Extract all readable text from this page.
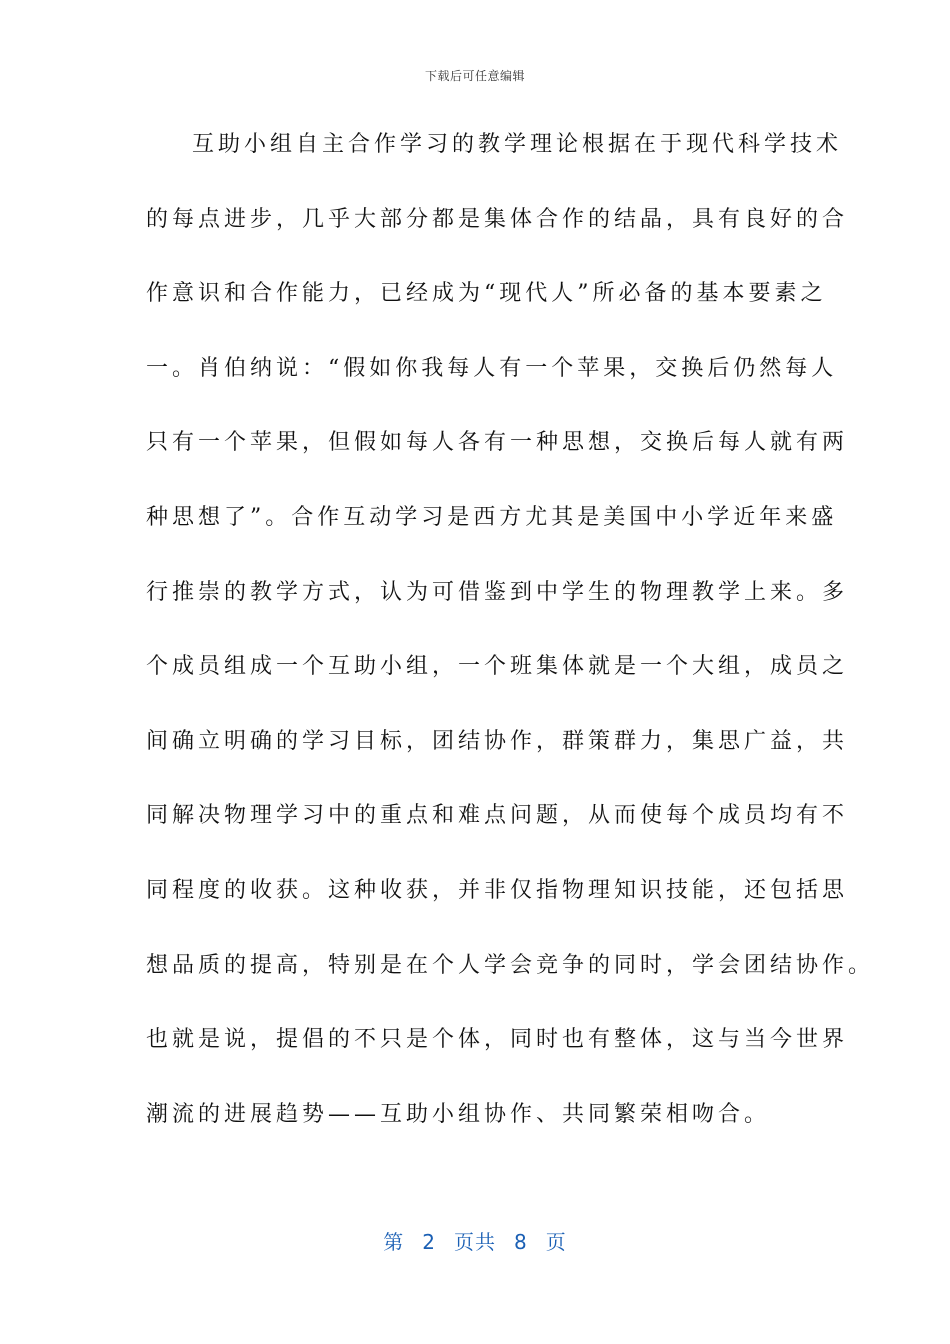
下载后可任意编辑
互助小组自主合作学习的教学理论根据在于现代科学技术
的每点进步，几乎大部分都是集体合作的结晶，具有良好的合
作意识和合作能力，已经成为“现代人”所必备的基本要素之
一。肖伯纳说：“假如你我每人有一个苹果，交换后仍然每人
只有一个苹果，但假如每人各有一种思想，交换后每人就有两
种思想了”。合作互动学习是西方尤其是美国中小学近年来盛
行推崇的教学方式，认为可借鉴到中学生的物理教学上来。多
个成员组成一个互助小组，一个班集体就是一个大组，成员之
间确立明确的学习目标，团结协作，群策群力，集思广益，共
同解决物理学习中的重点和难点问题，从而使每个成员均有不
同程度的收获。这种收获，并非仅指物理知识技能，还包括思
想品质的提高，特别是在个人学会竞争的同时，学会团结协作。
也就是说，提倡的不只是个体，同时也有整体，这与当今世界
潮流的进展趋势——互助小组协作、共同繁荣相吻合。
第 2 页共 8 页
